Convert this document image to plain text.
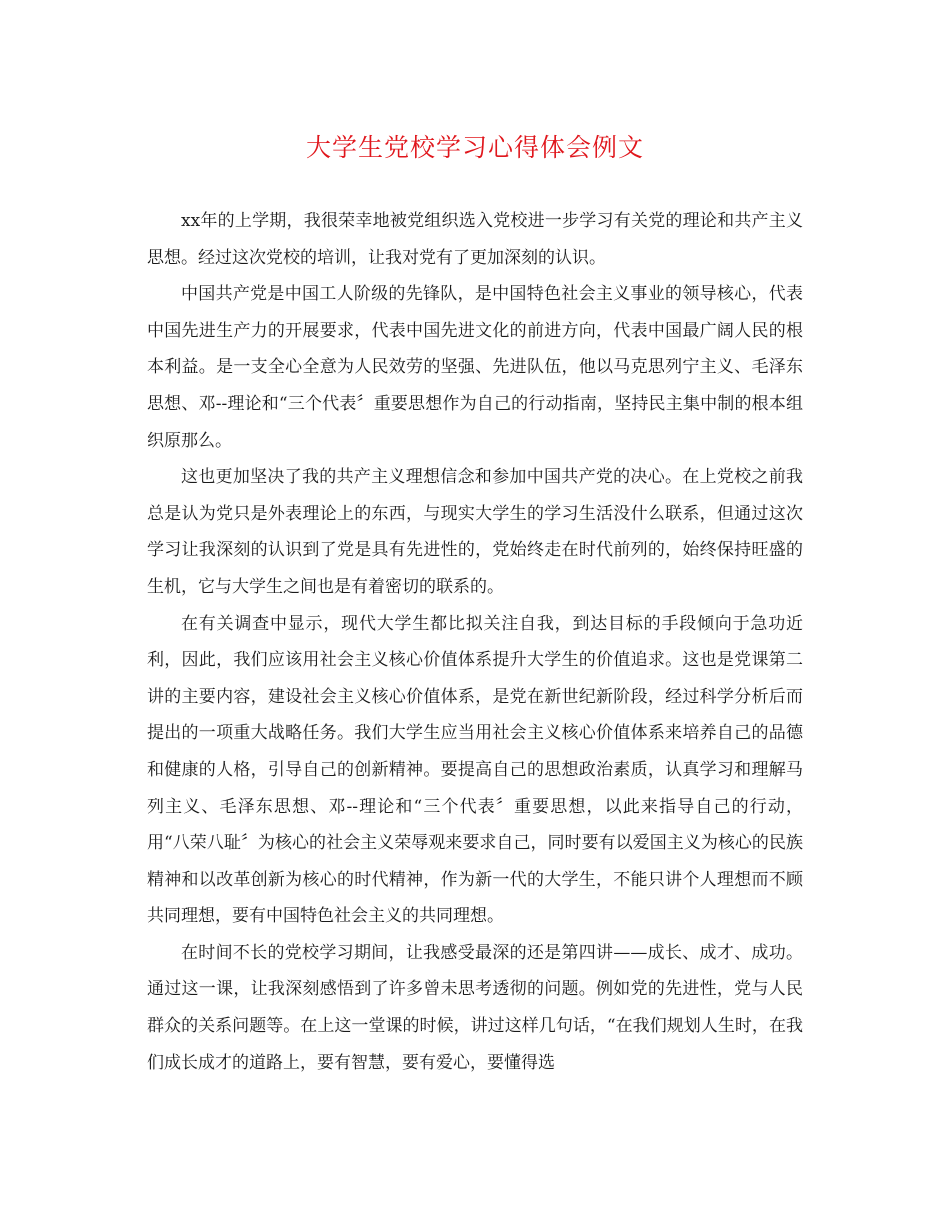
大学生党校学习心得体会例文

xx年的上学期，我很荣幸地被党组织选入党校进一步学习有关党的理论和共产主义思想。经过这次党校的培训，让我对党有了更加深刻的认识。

中国共产党是中国工人阶级的先锋队，是中国特色社会主义事业的领导核心，代表中国先进生产力的开展要求，代表中国先进文化的前进方向，代表中国最广阔人民的根本利益。是一支全心全意为人民效劳的坚强、先进队伍，他以马克思列宁主义、毛泽东思想、邓--理论和“三个代表〞重要思想作为自己的行动指南，坚持民主集中制的根本组织原那么。

这也更加坚决了我的共产主义理想信念和参加中国共产党的决心。在上党校之前我总是认为党只是外表理论上的东西，与现实大学生的学习生活没什么联系，但通过这次学习让我深刻的认识到了党是具有先进性的，党始终走在时代前列的，始终保持旺盛的生机，它与大学生之间也是有着密切的联系的。

在有关调查中显示，现代大学生都比拟关注自我，到达目标的手段倾向于急功近利，因此，我们应该用社会主义核心价值体系提升大学生的价值追求。这也是党课第二讲的主要内容，建设社会主义核心价值体系，是党在新世纪新阶段，经过科学分析后而提出的一项重大战略任务。我们大学生应当用社会主义核心价值体系来培养自己的品德和健康的人格，引导自己的创新精神。要提高自己的思想政治素质，认真学习和理解马列主义、毛泽东思想、邓--理论和“三个代表〞重要思想，以此来指导自己的行动，用“八荣八耻〞为核心的社会主义荣辱观来要求自己，同时要有以爱国主义为核心的民族精神和以改革创新为核心的时代精神，作为新一代的大学生，不能只讲个人理想而不顾共同理想，要有中国特色社会主义的共同理想。

在时间不长的党校学习期间，让我感受最深的还是第四讲——成长、成才、成功。通过这一课，让我深刻感悟到了许多曾未思考透彻的问题。例如党的先进性，党与人民群众的关系问题等。在上这一堂课的时候，讲过这样几句话，“在我们规划人生时，在我们成长成才的道路上，要有智慧，要有爱心，要懂得选
